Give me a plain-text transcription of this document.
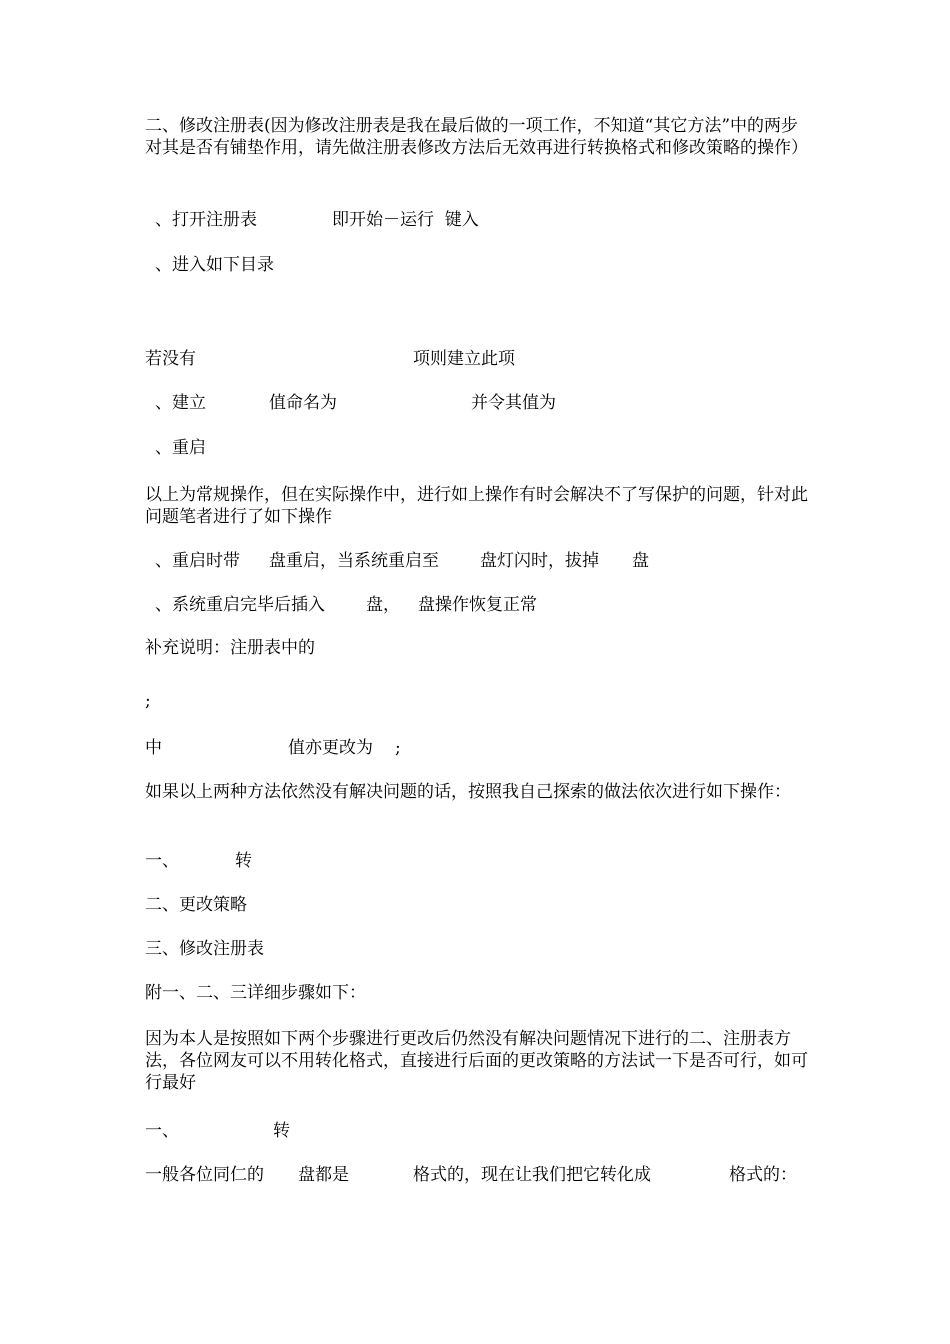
二、修改注册表(因为修改注册表是我在最后做的一项工作，不知道“其它方法”中的两步对其是否有铺垫作用，请先做注册表修改方法后无效再进行转换格式和修改策略的操作）

、打开注册表

	即开始－运行  键入

、进入如下目录

若没有

	项则建立此项

、建立

	值命名为

	并令其值为

、重启

以上为常规操作，但在实际操作中，进行如上操作有时会解决不了写保护的问题，针对此问题笔者进行了如下操作

、重启时带

盘重启，当系统重启至

盘灯闪时，拔掉

盘

、系统重启完毕后插入

盘，

盘操作恢复正常

补充说明：注册表中的

;

中

	值亦更改为

;

如果以上两种方法依然没有解决问题的话，按照我自己探索的做法依次进行如下操作：

一、

	转

二、更改策略

三、修改注册表

附一、二、三详细步骤如下：

因为本人是按照如下两个步骤进行更改后仍然没有解决问题情况下进行的二、注册表方法，各位网友可以不用转化格式，直接进行后面的更改策略的方法试一下是否可行，如可行最好

一、

	转

一般各位同仁的

盘都是

	格式的，现在让我们把它转化成

	格式的：
